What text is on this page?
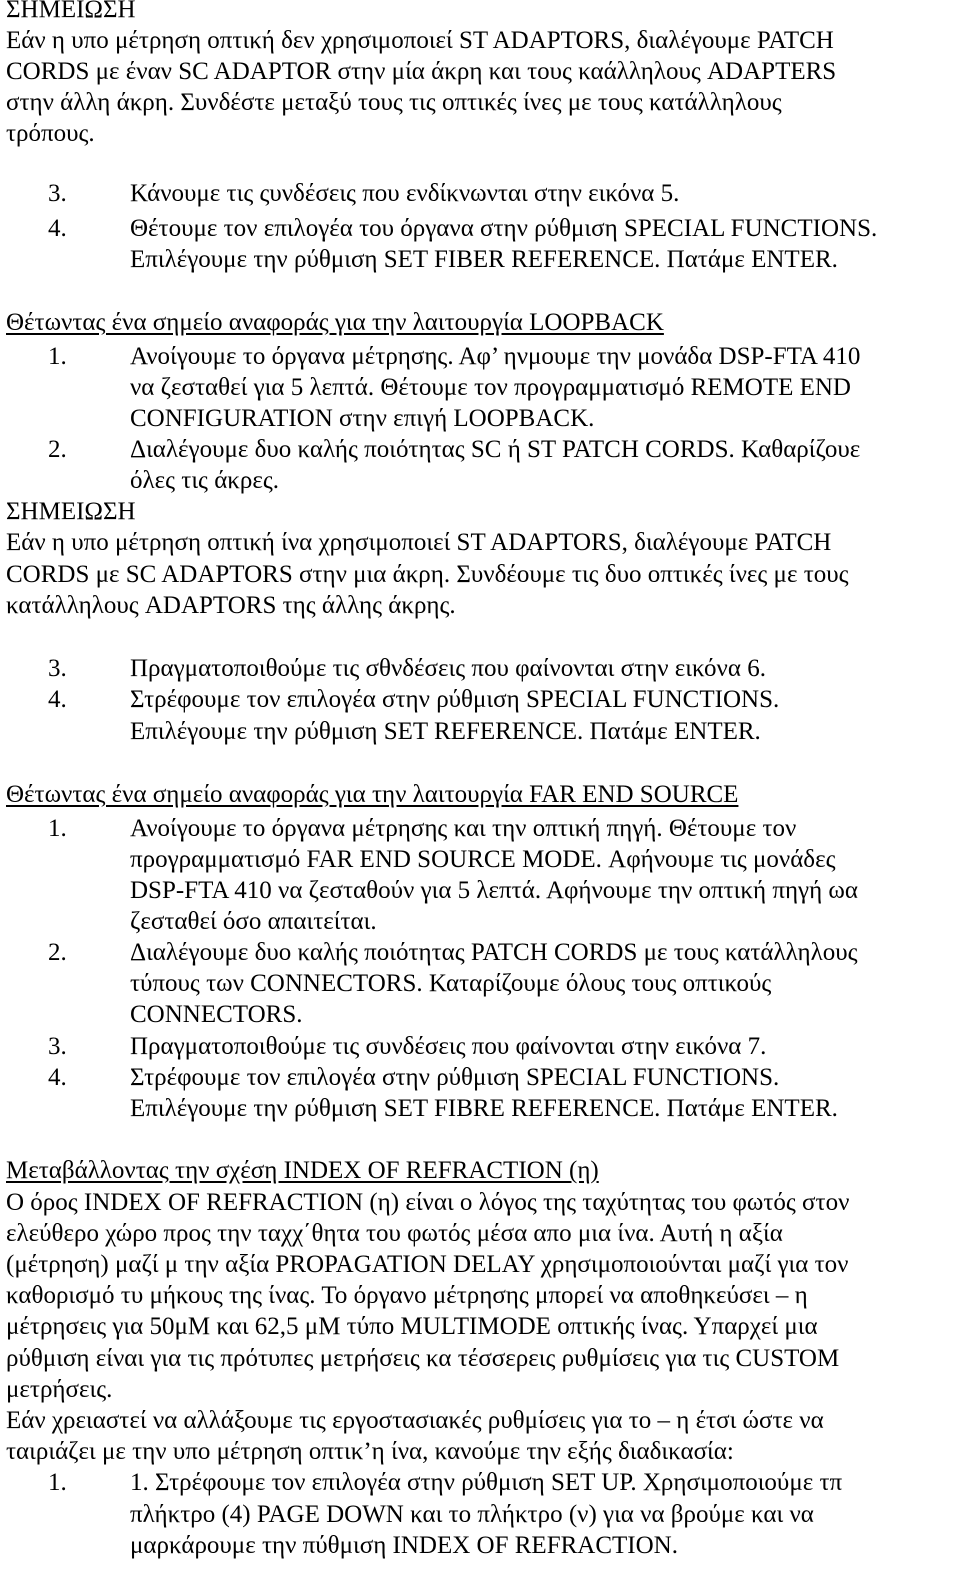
ΣΗΜΕΙΩΣΗ
Εάν η υπο μέτρηση οπτική δεν χρησιμοποιεί ST ADAPTORS, διαλέγουμε PATCH
CORDS με έναν SC ADAPTOR στην μία άκρη και τους καάλληλους ADAPTERS
στην άλλη άκρη. Συνδέστε μεταξύ τους τις οπτικές ίνες με τους κατάλληλους
τρόπους.
3.	Κάνουμε τις ςυνδέσεις που ενδίκνωνται στην εικόνα 5.
4.	Θέτουμε τον επιλογέα του όργανα στην ρύθμιση SPECIAL FUNCTIONS.
Επιλέγουμε την ρύθμιση SET FIBER REFERENCE. Πατάμε ENTER.
Θέτωντας ένα σημείο αναφοράς για την λαιτουργία LOOPBACK
1.	Ανοίγουμε το όργανα μέτρησης. Αφ’ ηνμουμε την μονάδα DSP-FTA 410
να ζεσταθεί για 5 λεπτά. Θέτουμε τον προγραμματισμό REMOTE END
CONFIGURATION στην επιγή LOOPBACK.
2.	Διαλέγουμε δυο καλής ποιότητας SC ή ST PATCH CORDS. Καθαρίζουε
όλες τις άκρες.
ΣΗΜΕΙΩΣΗ
Εάν η υπο μέτρηση οπτική ίνα χρησιμοποιεί ST ADAPTORS, διαλέγουμε PATCH
CORDS με SC ADAPTORS στην μια άκρη. Συνδέουμε τις δυο οπτικές ίνες με τους
κατάλληλους ADAPTORS της άλλης άκρης.
3.	Πραγματοποιθούμε τις σθνδέσεις που φαίνονται στην εικόνα 6.
4.	Στρέφουμε τον επιλογέα στην ρύθμιση SPECIAL FUNCTIONS.
Επιλέγουμε την ρύθμιση SET REFERENCE. Πατάμε ENTER.
Θέτωντας ένα σημείο αναφοράς για την λαιτουργία FAR END SOURCE
1.	Ανοίγουμε το όργανα μέτρησης και την οπτική πηγή. Θέτουμε τον
προγραμματισμό FAR END SOURCE MODE. Αφήνουμε τις μονάδες
DSP-FTA 410 να ζεσταθούν για 5 λεπτά. Αφήνουμε την οπτική πηγή ωα
ζεσταθεί όσο απαιτείται.
2.	Διαλέγουμε δυο καλής ποιότητας PATCH CORDS με τους κατάλληλους
τύπους των CONNECTORS. Καταρίζουμε όλους τους οπτικούς
CONNECTORS.
3.	Πραγματοποιθούμε τις συνδέσεις που φαίνονται στην εικόνα 7.
4.	Στρέφουμε τον επιλογέα στην ρύθμιση SPECIAL FUNCTIONS.
Επιλέγουμε την ρύθμιση SET FIBRE REFERENCE. Πατάμε ENTER.
Μεταβάλλοντας την σχέση INDEX OF REFRACTION (η)
Ο όρος INDEX OF REFRACTION (η) είναι ο λόγος της ταχύτητας του φωτός στον
ελεύθερο χώρο προς την ταχχ΄θητα του φωτός μέσα απο μια ίνα. Αυτή η αξία
(μέτρηση) μαζί μ την αξία PROPAGATION DELAY χρησιμοποιούνται μαζί για τον
καθορισμό τυ μήκους της ίνας. Το όργανο μέτρησης μπορεί να αποθηκεύσει – η
μέτρησεις για 50μΜ και 62,5 μΜ τύπο MULTIMODE οπτικής ίνας. Υπαρχεί μια
ρύθμιση είναι για τις πρότυπες μετρήσεις κα τέσσερεις ρυθμίσεις για τις CUSTOM
μετρήσεις.
Εάν χρειαστεί να αλλάξουμε τις εργοστασιακές ρυθμίσεις για το – η έτσι ώστε να
ταιριάζει με την υπο μέτρηση οπτικ’η ίνα, κανούμε την εξής διαδικασία:
1.	1. Στρέφουμε τον επιλογέα στην ρύθμιση SET UP. Χρησιμοποιούμε τπ
πλήκτρο (4) PAGE DOWN και το πλήκτρο (ν) για να βρούμε και να
μαρκάρουμε την πύθμιση INDEX OF REFRACTION.
